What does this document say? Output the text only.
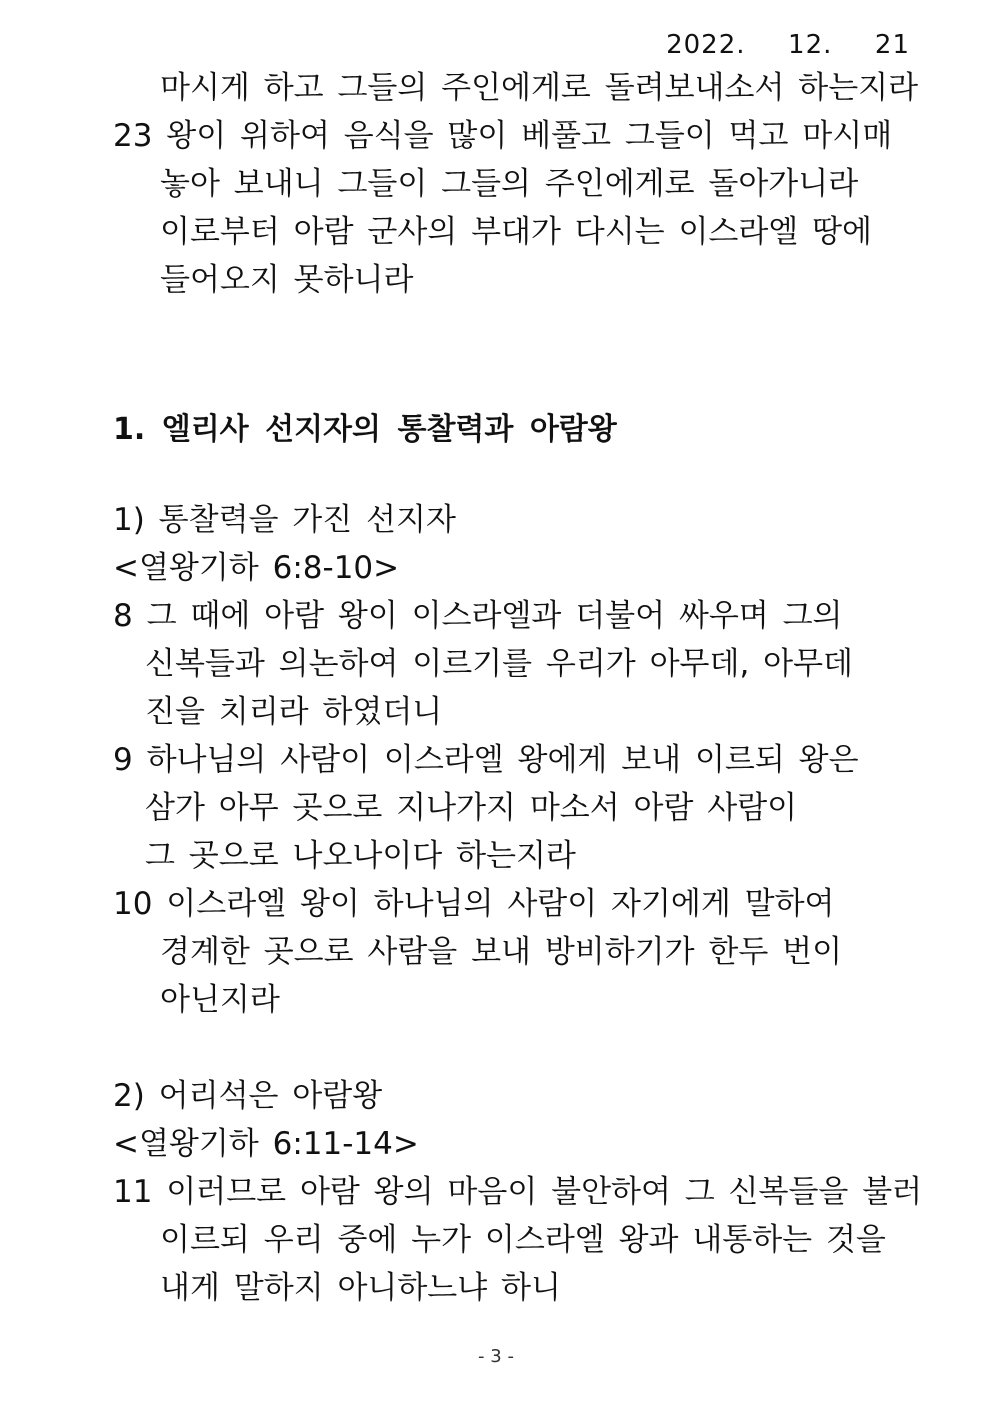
2022.  12.  21
마시게 하고 그들의 주인에게로 돌려보내소서 하는지라
23 왕이 위하여 음식을 많이 베풀고 그들이 먹고 마시매
놓아 보내니 그들이 그들의 주인에게로 돌아가니라
이로부터 아람 군사의 부대가 다시는 이스라엘 땅에
들어오지 못하니라
1. 엘리사 선지자의 통찰력과 아람왕
1) 통찰력을 가진 선지자
<열왕기하 6:8-10>
8 그 때에 아람 왕이 이스라엘과 더불어 싸우며 그의
신복들과 의논하여 이르기를 우리가 아무데, 아무데
진을 치리라 하였더니
9 하나님의 사람이 이스라엘 왕에게 보내 이르되 왕은
삼가 아무 곳으로 지나가지 마소서 아람 사람이
그 곳으로 나오나이다 하는지라
10 이스라엘 왕이 하나님의 사람이 자기에게 말하여
경계한 곳으로 사람을 보내 방비하기가 한두 번이
아닌지라
2) 어리석은 아람왕
<열왕기하 6:11-14>
11 이러므로 아람 왕의 마음이 불안하여 그 신복들을 불러
이르되 우리 중에 누가 이스라엘 왕과 내통하는 것을
내게 말하지 아니하느냐 하니
- 3 -
